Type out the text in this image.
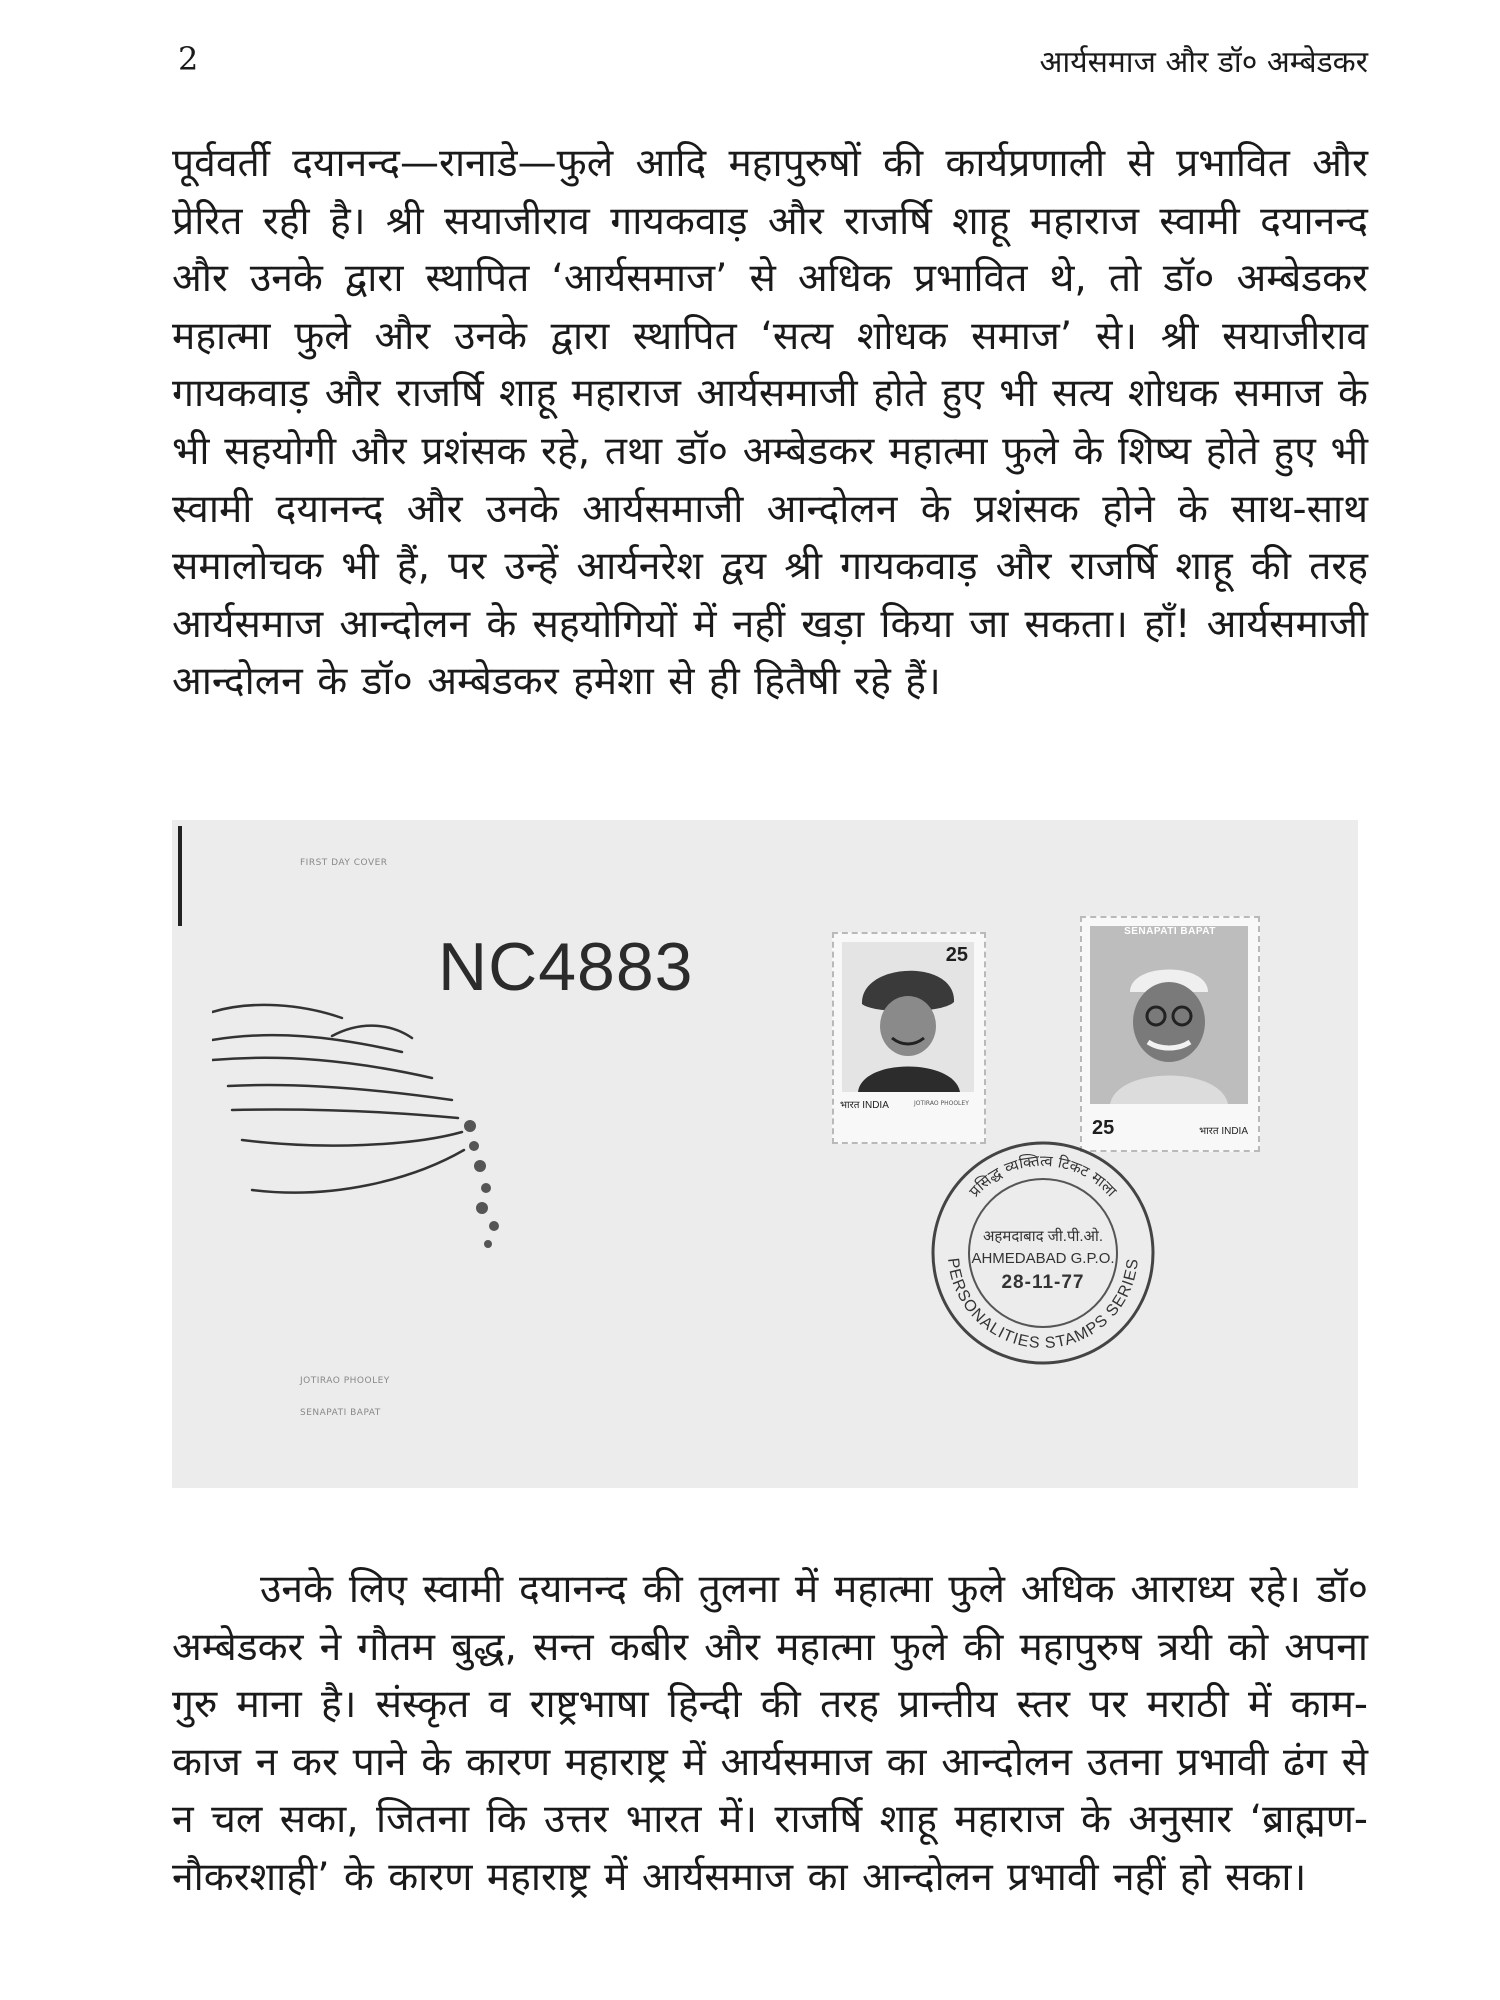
2	आर्यसमाज और डॉ० अम्बेडकर

पूर्ववर्ती दयानन्द—रानाडे—फुले आदि महापुरुषों की कार्यप्रणाली से प्रभावित और प्रेरित रही है। श्री सयाजीराव गायकवाड़ और राजर्षि शाहू महाराज स्वामी दयानन्द और उनके द्वारा स्थापित ‘आर्यसमाज’ से अधिक प्रभावित थे, तो डॉ० अम्बेडकर महात्मा फुले और उनके द्वारा स्थापित ‘सत्य शोधक समाज’ से। श्री सयाजीराव गायकवाड़ और राजर्षि शाहू महाराज आर्यसमाजी होते हुए भी सत्य शोधक समाज के भी सहयोगी और प्रशंसक रहे, तथा डॉ० अम्बेडकर महात्मा फुले के शिष्य होते हुए भी स्वामी दयानन्द और उनके आर्यसमाजी आन्दोलन के प्रशंसक होने के साथ-साथ समालोचक भी हैं, पर उन्हें आर्यनरेश द्वय श्री गायकवाड़ और राजर्षि शाहू की तरह आर्यसमाज आन्दोलन के सहयोगियों में नहीं खड़ा किया जा सकता। हाँ! आर्यसमाजी आन्दोलन के डॉ० अम्बेडकर हमेशा से ही हितैषी रहे हैं।

FIRST DAY COVER
NC4883
JOTIRAO PHOOLEY
SENAPATI BAPAT
25
भारत INDIA	JOTIRAO PHOOLEY
SENAPATI BAPAT
25	भारत INDIA
प्रसिद्ध व्यक्तित्व टिकट माला
PERSONALITIES STAMPS SERIES
अहमदाबाद जी.पी.ओ.
AHMEDABAD G.P.O.
28-11-77

उनके लिए स्वामी दयानन्द की तुलना में महात्मा फुले अधिक आराध्य रहे। डॉ० अम्बेडकर ने गौतम बुद्ध, सन्त कबीर और महात्मा फुले की महापुरुष त्रयी को अपना गुरु माना है। संस्कृत व राष्ट्रभाषा हिन्दी की तरह प्रान्तीय स्तर पर मराठी में काम-काज न कर पाने के कारण महाराष्ट्र में आर्यसमाज का आन्दोलन उतना प्रभावी ढंग से न चल सका, जितना कि उत्तर भारत में। राजर्षि शाहू महाराज के अनुसार ‘ब्राह्मण-नौकरशाही’ के कारण महाराष्ट्र में आर्यसमाज का आन्दोलन प्रभावी नहीं हो सका।
